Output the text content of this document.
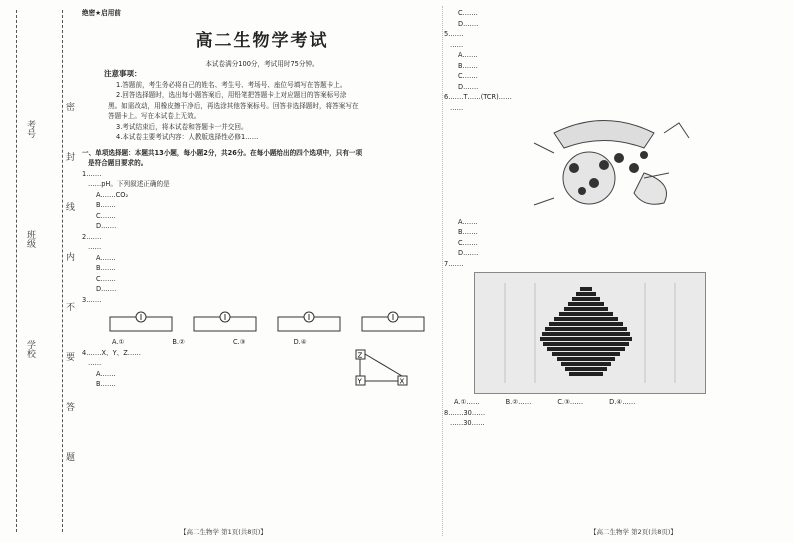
考号
班级
学校
密
封
线
内
不
要
答
题

绝密★启用前

高二生物学考试

本试卷满分100分，考试用时75分钟。

注意事项：

1.答题前，考生务必将自己的姓名、考生号、考场号、座位号填写在答题卡上。

2.回答选择题时，选出每小题答案后，用铅笔把答题卡上对应题目的答案标号涂

黑。如需改动，用橡皮擦干净后，再选涂其他答案标号。回答非选择题时，将答案写在

答题卡上。写在本试卷上无效。

3.考试结束后，将本试卷和答题卡一并交回。

4.本试卷主要考试内容：人教版选择性必修1……

一、单项选择题：本题共13小题，每小题2分，共26分。在每小题给出的四个选项中，只有一项

是符合题目要求的。

1.……

……pH。下列叙述正确的是

A.……CO₂

B.……

C.……

D.……

2.……

……

A.……

B.……

C.……

D.……

3.……

A.①	B.②	C.③	D.④

4.……X、Y、Z……

……

A.……

B.……

Z
Y	X

C.……

D.……

5.……

……

A.……

B.……

C.……

D.……

6.……T……(TCR)……

……

A.……

B.……

C.……

D.……

7.……

A.①……	B.②……	C.③……	D.④……

8.……30……

……30……

【高二生物学 第1页(共8页)】	【高二生物学 第2页(共8页)】
